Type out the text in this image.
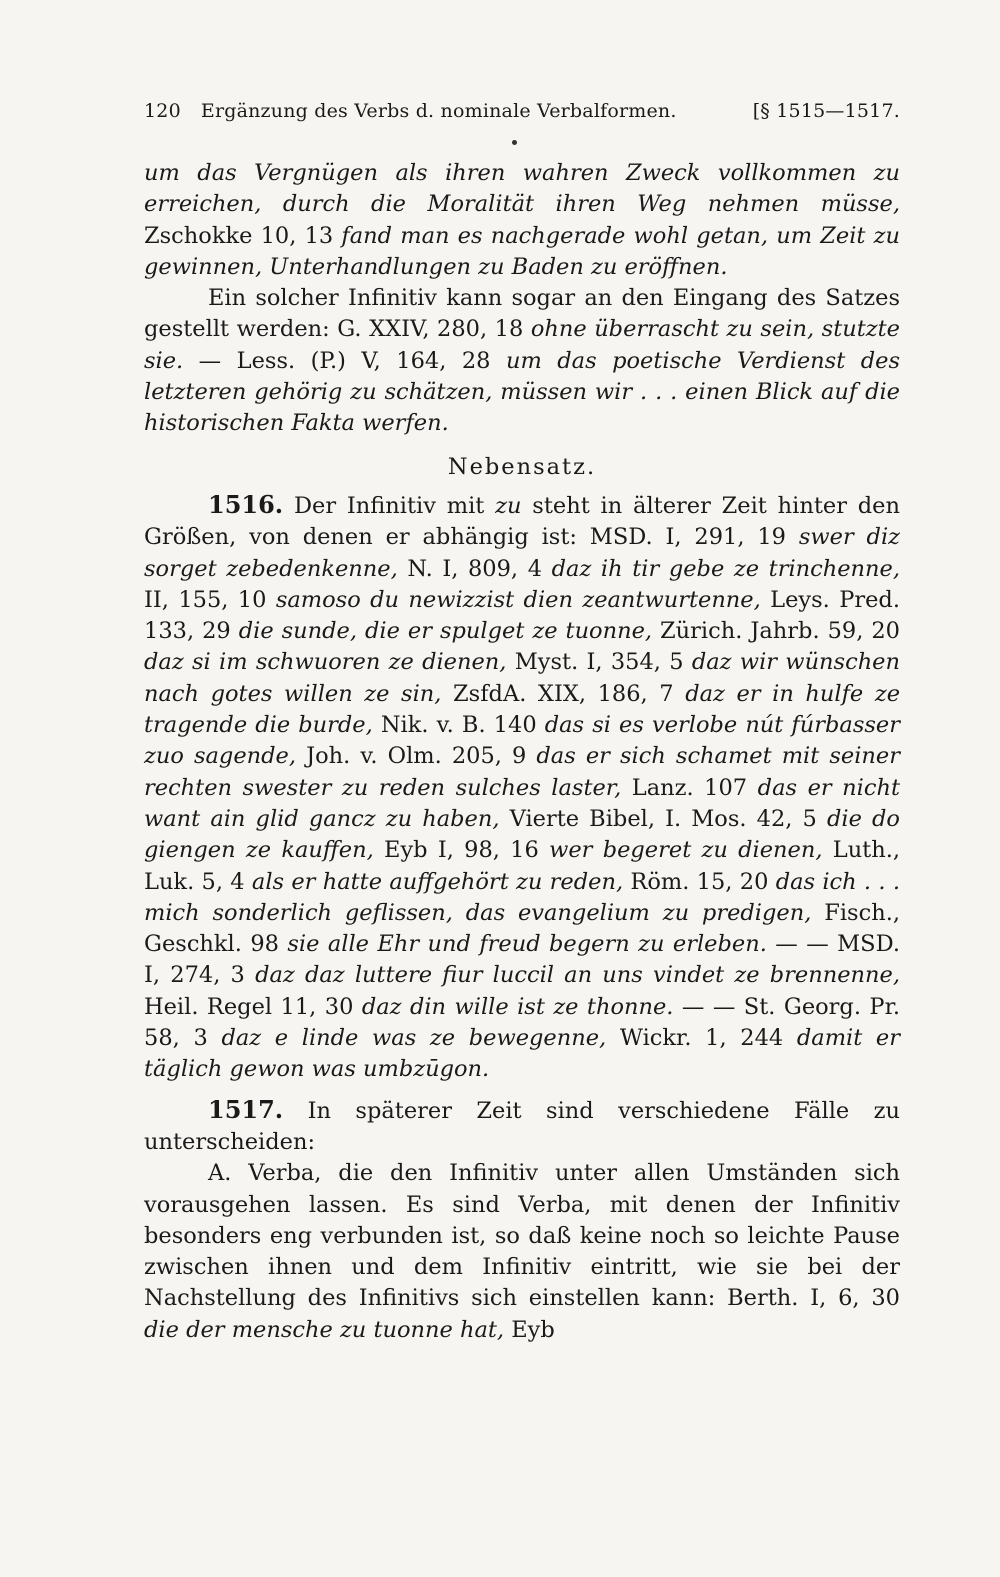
120 Ergänzung des Verbs d. nominale Verbalformen.	[§ 1515—1517.

um das Vergnügen als ihren wahren Zweck vollkommen zu erreichen, durch die Moralität ihren Weg nehmen müsse, Zschokke 10, 13 fand man es nachgerade wohl getan, um Zeit zu gewinnen, Unterhandlungen zu Baden zu eröffnen.

Ein solcher Infinitiv kann sogar an den Eingang des Satzes gestellt werden: G. XXIV, 280, 18 ohne überrascht zu sein, stutzte sie. — Less. (P.) V, 164, 28 um das poetische Verdienst des letzteren gehörig zu schätzen, müssen wir . . . einen Blick auf die historischen Fakta werfen.

Nebensatz.

1516. Der Infinitiv mit zu steht in älterer Zeit hinter den Größen, von denen er abhängig ist: MSD. I, 291, 19 swer diz sorget zebedenkenne, N. I, 809, 4 daz ih tir gebe ze trinchenne, II, 155, 10 samoso du newizzist dien zeantwurtenne, Leys. Pred. 133, 29 die sunde, die er spulget ze tuonne, Zürich. Jahrb. 59, 20 daz si im schwuoren ze dienen, Myst. I, 354, 5 daz wir wünschen nach gotes willen ze sin, ZsfdA. XIX, 186, 7 daz er in hulfe ze tragende die burde, Nik. v. B. 140 das si es verlobe nút fúrbasser zuo sagende, Joh. v. Olm. 205, 9 das er sich schamet mit seiner rechten swester zu reden sulches laster, Lanz. 107 das er nicht want ain glid gancz zu haben, Vierte Bibel, I. Mos. 42, 5 die do giengen ze kauffen, Eyb I, 98, 16 wer begeret zu dienen, Luth., Luk. 5, 4 als er hatte auffgehört zu reden, Röm. 15, 20 das ich . . . mich sonderlich geflissen, das evangelium zu predigen, Fisch., Geschkl. 98 sie alle Ehr und freud begern zu erleben. — — MSD. I, 274, 3 daz daz luttere fiur luccil an uns vindet ze brennenne, Heil. Regel 11, 30 daz din wille ist ze thonne. — — St. Georg. Pr. 58, 3 daz e linde was ze bewegenne, Wickr. 1, 244 damit er täglich gewon was umbzūgon.

1517. In späterer Zeit sind verschiedene Fälle zu unterscheiden:

A. Verba, die den Infinitiv unter allen Umständen sich vorausgehen lassen. Es sind Verba, mit denen der Infinitiv besonders eng verbunden ist, so daß keine noch so leichte Pause zwischen ihnen und dem Infinitiv eintritt, wie sie bei der Nachstellung des Infinitivs sich einstellen kann: Berth. I, 6, 30 die der mensche zu tuonne hat, Eyb
